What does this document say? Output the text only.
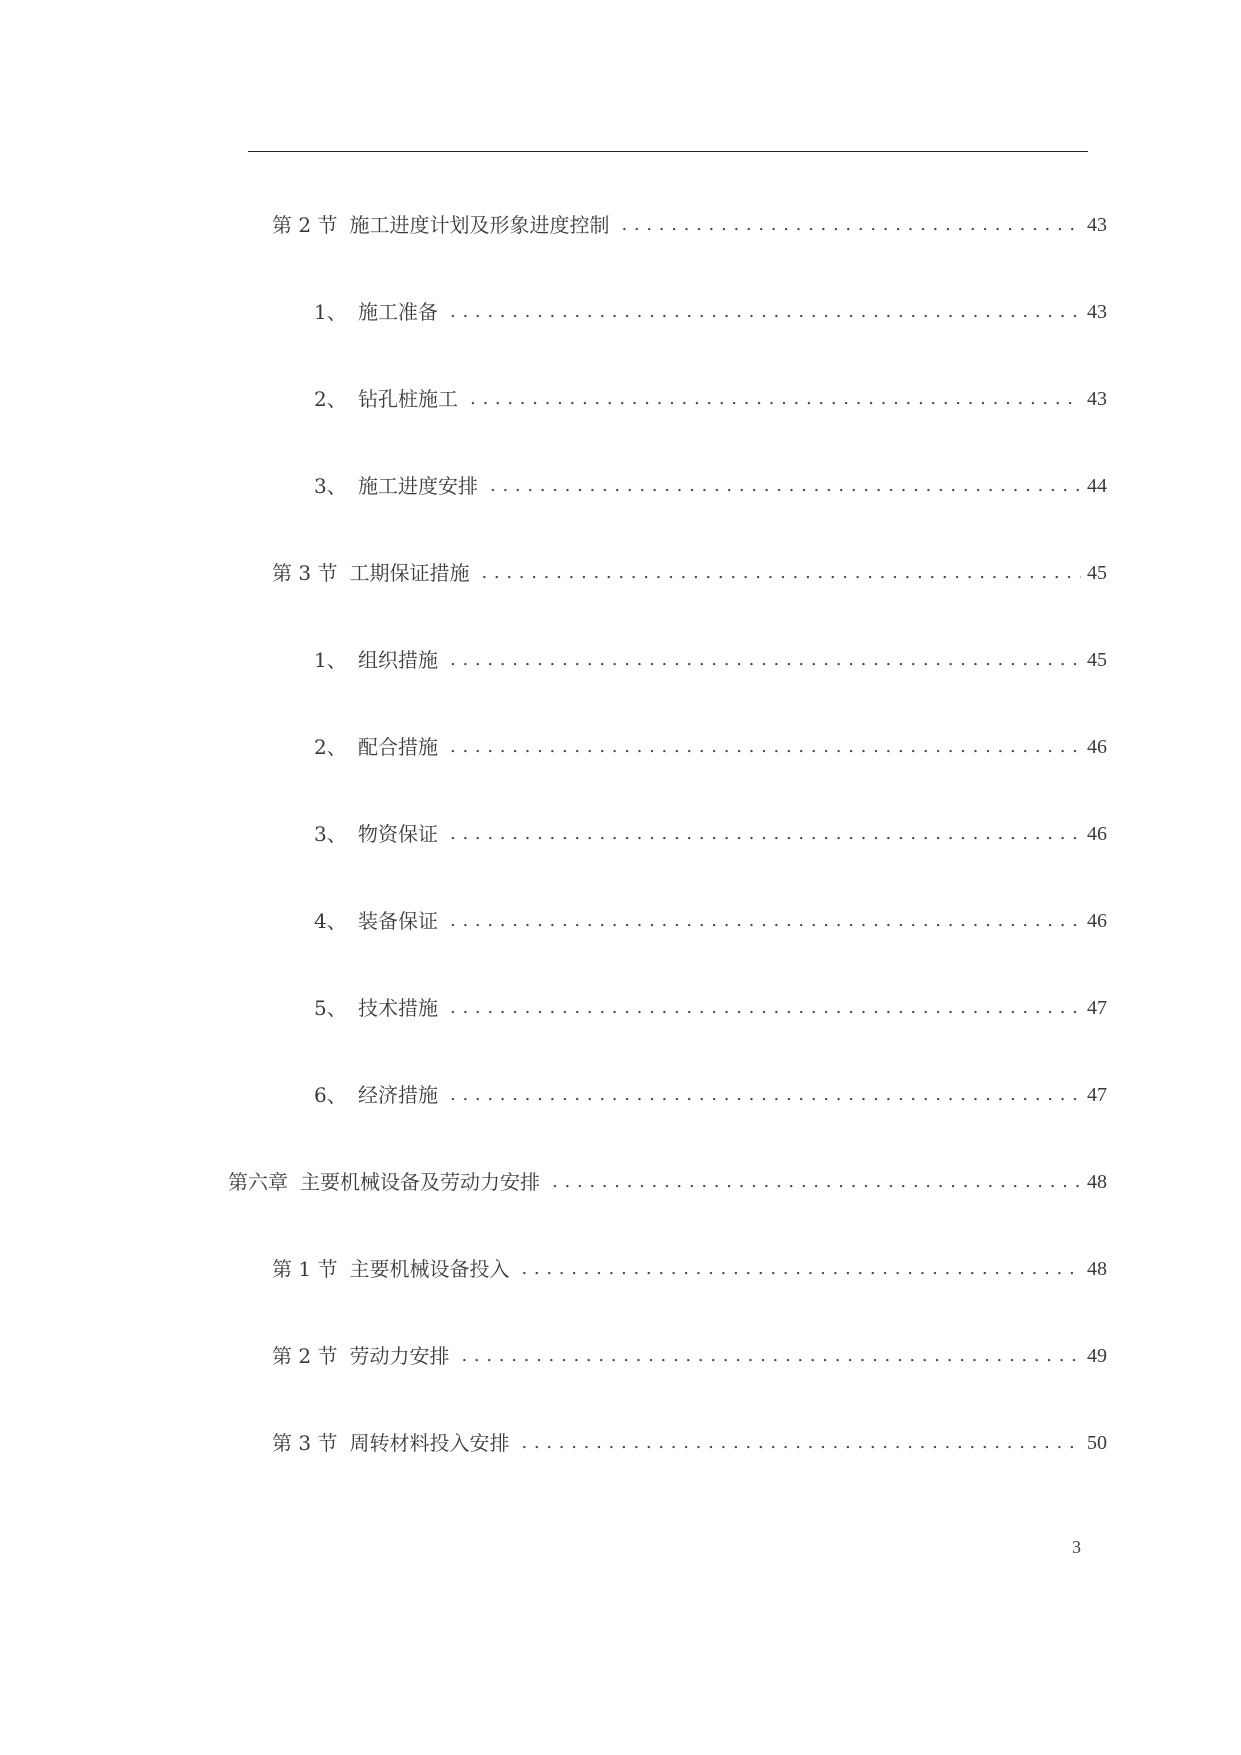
第 2 节 施工进度计划及形象进度控制 . . .	43
1、 施工准备 . . .	43
2、 钻孔桩施工 . . .	43
3、 施工进度安排 . . .	44
第 3 节 工期保证措施 . . .	45
1、 组织措施 . . .	45
2、 配合措施 . . .	46
3、 物资保证 . . .	46
4、 装备保证 . . .	46
5、 技术措施 . . .	47
6、 经济措施 . . .	47
第六章 主要机械设备及劳动力安排 . . .	48
第 1 节 主要机械设备投入 . . .	48
第 2 节 劳动力安排 . . .	49
第 3 节 周转材料投入安排 . . .	50
3
